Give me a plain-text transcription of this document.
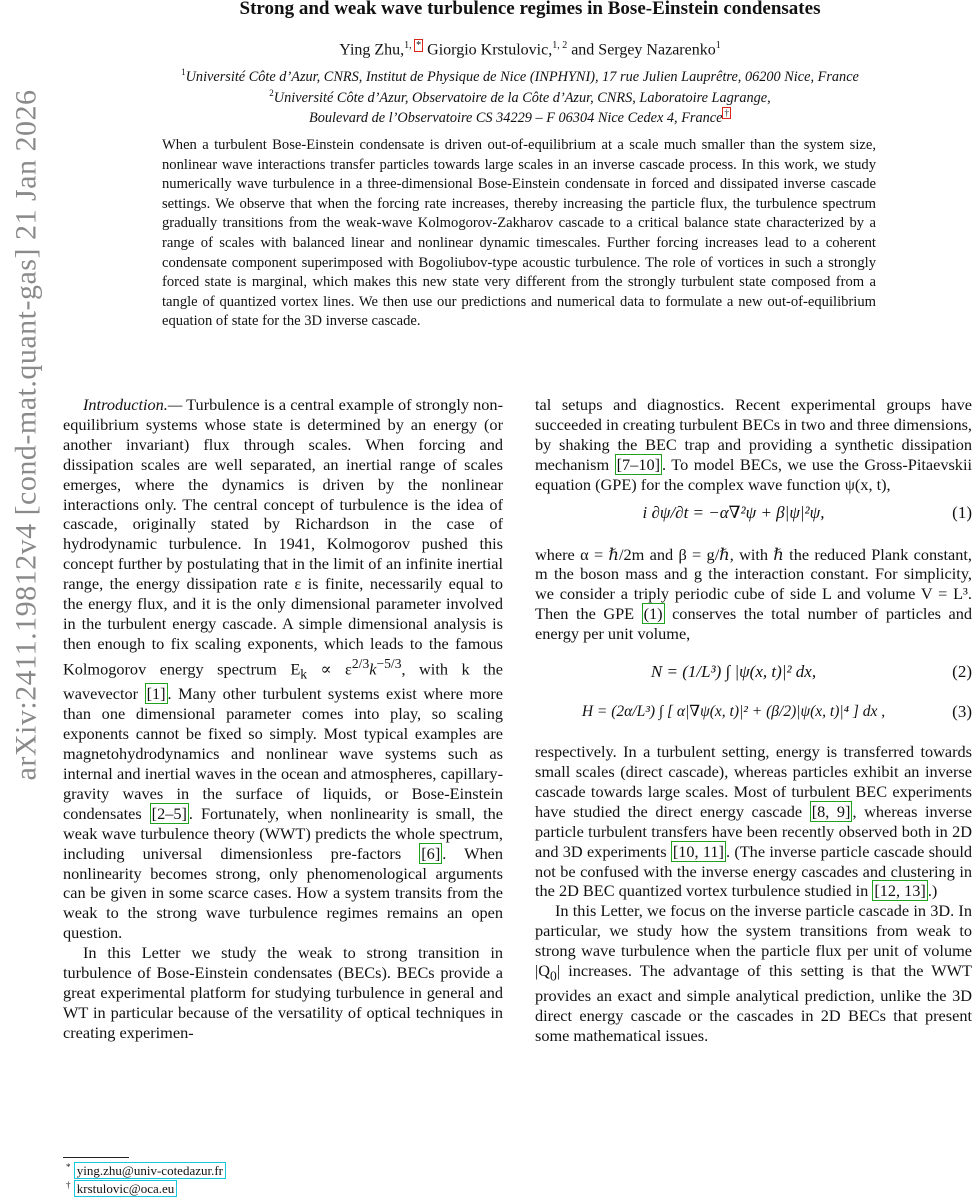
arXiv:2411.19812v4 [cond-mat.quant-gas] 21 Jan 2026
Strong and weak wave turbulence regimes in Bose-Einstein condensates
Ying Zhu,$^{1, *}$ Giorgio Krstulovic,$^{1, 2}$ and Sergey Nazarenko$^1$
$^1$Université Côte d’Azur, CNRS, Institut de Physique de Nice (INPHYNI), 17 rue Julien Lauprêtre, 06200 Nice, France
$^2$Université Côte d’Azur, Observatoire de la Côte d’Azur, CNRS, Laboratoire Lagrange,
Boulevard de l’Observatoire CS 34229 – F 06304 Nice Cedex 4, France †
When a turbulent Bose-Einstein condensate is driven out-of-equilibrium at a scale much smaller than the system size, nonlinear wave interactions transfer particles towards large scales in an inverse cascade process. In this work, we study numerically wave turbulence in a three-dimensional Bose-Einstein condensate in forced and dissipated inverse cascade settings. We observe that when the forcing rate increases, thereby increasing the particle flux, the turbulence spectrum gradually transitions from the weak-wave Kolmogorov-Zakharov cascade to a critical balance state characterized by a range of scales with balanced linear and nonlinear dynamic timescales. Further forcing increases lead to a coherent condensate component superimposed with Bogoliubov-type acoustic turbulence. The role of vortices in such a strongly forced state is marginal, which makes this new state very different from the strongly turbulent state composed from a tangle of quantized vortex lines. We then use our predictions and numerical data to formulate a new out-of-equilibrium equation of state for the 3D inverse cascade.

Introduction.— Turbulence is a central example of strongly non-equilibrium systems whose state is determined by an energy (or another invariant) flux through scales. When forcing and dissipation scales are well separated, an inertial range of scales emerges, where the dynamics is driven by the nonlinear interactions only. The central concept of turbulence is the idea of cascade, originally stated by Richardson in the case of hydrodynamic turbulence. In 1941, Kolmogorov pushed this concept further by postulating that in the limit of an infinite inertial range, the energy dissipation rate ε is finite, necessarily equal to the energy flux, and it is the only dimensional parameter involved in the turbulent energy cascade. A simple dimensional analysis is then enough to fix scaling exponents, which leads to the famous Kolmogorov energy spectrum $E_k \propto \varepsilon^{2/3}k^{-5/3}$, with k the wavevector [1] . Many other turbulent systems exist where more than one dimensional parameter comes into play, so scaling exponents cannot be fixed so simply. Most typical examples are magnetohydrodynamics and nonlinear wave systems such as internal and inertial waves in the ocean and atmospheres, capillary-gravity waves in the surface of liquids, or Bose-Einstein condensates [2–5] . Fortunately, when nonlinearity is small, the weak wave turbulence theory (WWT) predicts the whole spectrum, including universal dimensionless pre-factors [6] . When nonlinearity becomes strong, only phenomenological arguments can be given in some scarce cases. How a system transits from the weak to the strong wave turbulence regimes remains an open question.

In this Letter we study the weak to strong transition in turbulence of Bose-Einstein condensates (BECs). BECs provide a great experimental platform for studying turbulence in general and WT in particular because of the versatility of optical techniques in creating experimen-

tal setups and diagnostics. Recent experimental groups have succeeded in creating turbulent BECs in two and three dimensions, by shaking the BEC trap and providing a synthetic dissipation mechanism [7–10] . To model BECs, we use the Gross-Pitaevskii equation (GPE) for the complex wave function ψ(x, t),

i ∂ψ/∂t = −α∇²ψ + β|ψ|²ψ,	(1)

where α = ℏ/2m and β = g/ℏ, with ℏ the reduced Plank constant, m the boson mass and g the interaction constant. For simplicity, we consider a triply periodic cube of side L and volume V = L³. Then the GPE (1) conserves the total number of particles and energy per unit volume,

N = (1/L³) ∫ |ψ(x, t)|² dx,	(2)
H = (2α/L³) ∫ [ α|∇ψ(x, t)|² + (β/2)|ψ(x, t)|⁴ ] dx ,	(3)

respectively. In a turbulent setting, energy is transferred towards small scales (direct cascade), whereas particles exhibit an inverse cascade towards large scales. Most of turbulent BEC experiments have studied the direct energy cascade [8, 9] , whereas inverse particle turbulent transfers have been recently observed both in 2D and 3D experiments [10, 11] . (The inverse particle cascade should not be confused with the inverse energy cascades and clustering in the 2D BEC quantized vortex turbulence studied in [12, 13] .)

In this Letter, we focus on the inverse particle cascade in 3D. In particular, we study how the system transitions from weak to strong wave turbulence when the particle flux per unit of volume $|Q_0|$ increases. The advantage of this setting is that the WWT provides an exact and simple analytical prediction, unlike the 3D direct energy cascade or the cascades in 2D BECs that present some mathematical issues.

* ying.zhu@univ-cotedazur.fr
† krstulovic@oca.eu
